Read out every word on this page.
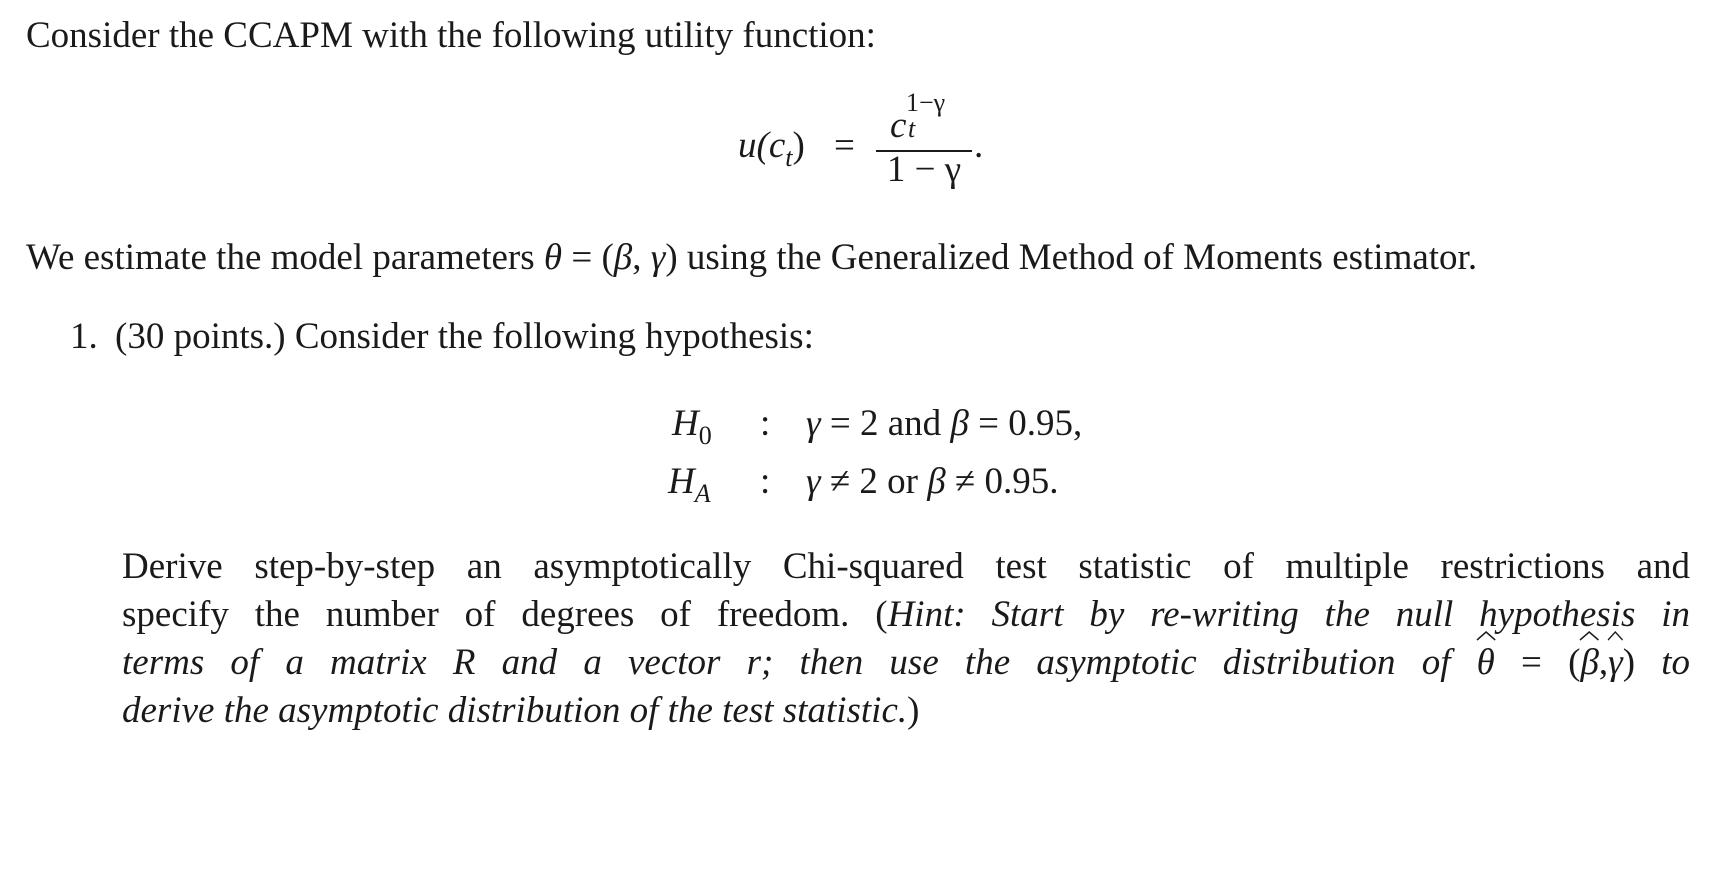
Consider the CCAPM with the following utility function:
$u(c_t) = c$
1−γ
t
1 − γ
.
We estimate the model parameters θ = (β, γ) using the Generalized Method of Moments estimator.
1. (30 points.) Consider the following hypothesis:
$H_0$ : γ = 2 and β = 0.95,
$H_A$ : γ ≠ 2 or β ≠ 0.95.
Derive step-by-step an asymptotically Chi-squared test statistic of multiple restrictions and
specify the number of degrees of freedom. (Hint: Start by re-writing the null hypothesis in
terms of a matrix R and a vector r; then use the asymptotic distribution of
θ = (
β,
γ) to
derive the asymptotic distribution of the test statistic.)
